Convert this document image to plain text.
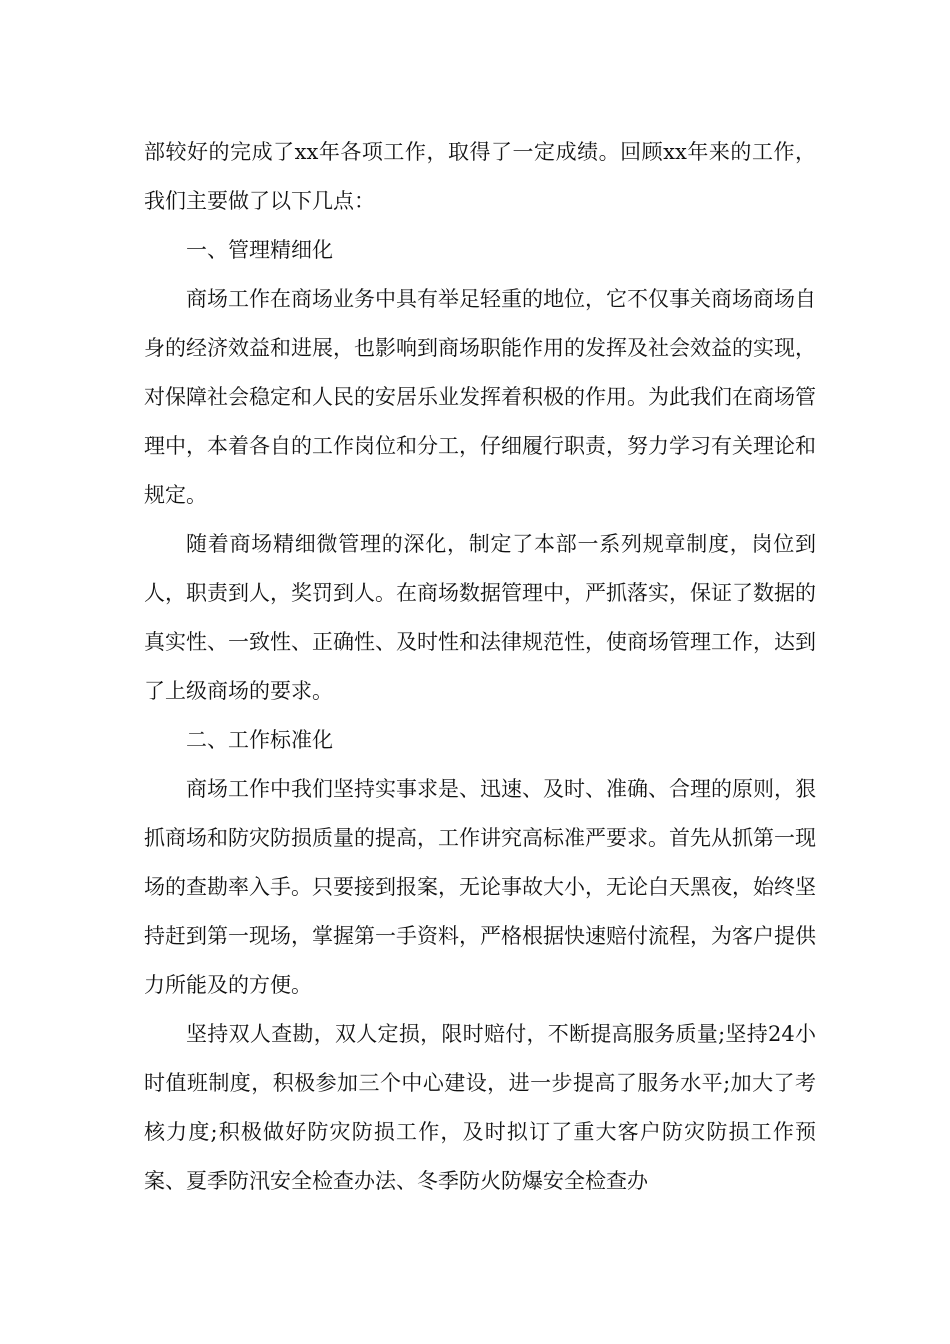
部较好的完成了xx年各项工作，取得了一定成绩。回顾xx年来的工作，我们主要做了以下几点：

一、管理精细化

商场工作在商场业务中具有举足轻重的地位，它不仅事关商场商场自身的经济效益和进展，也影响到商场职能作用的发挥及社会效益的实现，对保障社会稳定和人民的安居乐业发挥着积极的作用。为此我们在商场管理中，本着各自的工作岗位和分工，仔细履行职责，努力学习有关理论和规定。

随着商场精细微管理的深化，制定了本部一系列规章制度，岗位到人，职责到人，奖罚到人。在商场数据管理中，严抓落实，保证了数据的真实性、一致性、正确性、及时性和法律规范性，使商场管理工作，达到了上级商场的要求。

二、工作标准化

商场工作中我们坚持实事求是、迅速、及时、准确、合理的原则，狠抓商场和防灾防损质量的提高，工作讲究高标准严要求。首先从抓第一现场的查勘率入手。只要接到报案，无论事故大小，无论白天黑夜，始终坚持赶到第一现场，掌握第一手资料，严格根据快速赔付流程，为客户提供力所能及的方便。

坚持双人查勘，双人定损，限时赔付，不断提高服务质量;坚持24小时值班制度，积极参加三个中心建设，进一步提高了服务水平;加大了考核力度;积极做好防灾防损工作，及时拟订了重大客户防灾防损工作预案、夏季防汛安全检查办法、冬季防火防爆安全检查办
